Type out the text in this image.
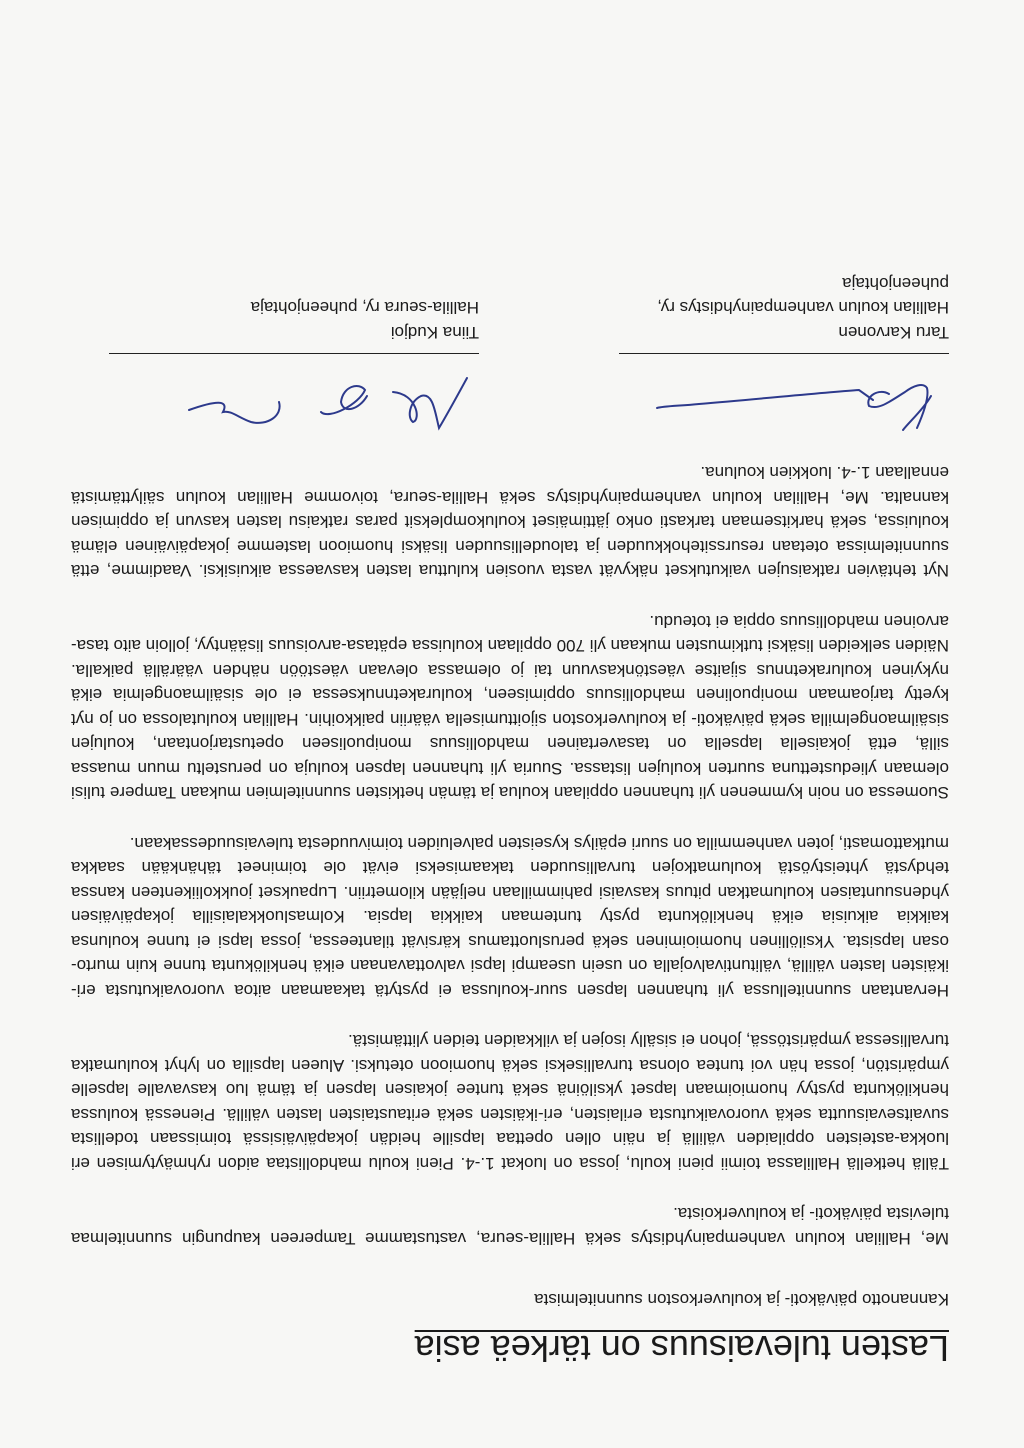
Lasten tulevaisuus on tärkeä asia

Kannanotto päiväkoti- ja kouluverkoston suunnitelmista

Me, Hallilan koulun vanhempainyhdistys sekä Hallila-seura, vastustamme Tampereen kaupungin suunnitelmaa tulevista päiväkoti- ja kouluverkoista.

Tällä hetkellä Hallilassa toimii pieni koulu, jossa on luokat 1.-4. Pieni koulu mahdollistaa aidon ryhmäytymisen eri luokka-asteisten oppilaiden välillä ja näin ollen opettaa lapsille heidän jokapäiväisissä toimissaan todellista suvaitsevaisuutta sekä vuorovaikutusta erilaisten, eri-ikäisten sekä eritaustaisten lasten välillä. Pienessä koulussa henkilökunta pystyy huomioimaan lapset yksilöinä sekä tuntee jokaisen lapsen ja tämä luo kasvavalle lapselle ympäristön, jossa hän voi tuntea olonsa turvalliseksi sekä huomioon otetuksi. Alueen lapsilla on lyhyt koulumatka turvallisessa ympäristössä, johon ei sisälly isojen ja vilkkaiden teiden ylittämistä.

Hervantaan suunnitellussa yli tuhannen lapsen suur-koulussa ei pystytä takaamaan aitoa vuorovaikutusta eri-ikäisten lasten välillä, välituntivalvojalla on usein useampi lapsi valvottavanaan eikä henkilökunta tunne kuin murto-osan lapsista. Yksilöllinen huomioiminen sekä perusluottamus kärsivät tilanteessa, jossa lapsi ei tunne koulunsa kaikkia aikuisia eikä henkilökunta pysty tuntemaan kaikkia lapsia. Kolmasluokkalaisilla jokapäiväisen yhdensuuntaisen koulumatkan pituus kasvaisi pahimmillaan neljään kilometriin. Lupaukset joukkoliikenteen kanssa tehdystä yhteistyöstä koulumatkojen turvallisuuden takaamiseksi eivät ole toimineet tähänkään saakka mutkattomasti, joten vanhemmilla on suuri epäilys kyseisten palveluiden toimivuudesta tulevaisuudessakaan.

Suomessa on noin kymmenen yli tuhannen oppilaan koulua ja tämän hetkisten suunnitelmien mukaan Tampere tulisi olemaan yliedustettuna suurten koulujen listassa. Suuria yli tuhannen lapsen kouluja on perusteltu muun muassa sillä, että jokaisella lapsella on tasavertainen mahdollisuus monipuoliseen opetustarjontaan, koulujen sisäilmaongelmilla sekä päiväkoti- ja kouluverkoston sijoittumisella vääriin paikkoihin. Hallilan koulutalossa on jo nyt kyetty tarjoamaan monipuolinen mahdollisuus oppimiseen, kouluraketnnuksessa ei ole sisäilmaongelmia eikä nykyinen kouluraketnnus sijaitse väestönkasvuun tai jo olemassa olevaan väestöön nähden väärällä paikalla. Näiden selkeiden lisäksi tutkimusten mukaan yli 700 oppilaan kouluissa epätasa-arvoisuus lisääntyy, jolloin aito tasa-arvoinen mahdollisuus oppia ei toteudu.

Nyt tehtävien ratkaisujen vaikutukset näkyvät vasta vuosien kuluttua lasten kasvaessa aikuisiksi. Vaadimme, että suunnitelmissa otetaan resurssitehokkuuden ja taloudellisuuden lisäksi huomioon lastemme jokapäiväinen elämä kouluissa, sekä harkitsemaan tarkasti onko jättimäiset koulukompleksit paras ratkaisu lasten kasvun ja oppimisen kannalta. Me, Hallilan koulun vanhempainyhdistys sekä Hallila-seura, toivomme Hallilan koulun säilyttämistä ennallaan 1.-4. luokkien kouluna.

Taru Karvonen
Hallilan koulun vanhempainyhdistys ry,
puheenjohtaja
Tiina Kudjoi
Hallila-seura ry, puheenjohtaja
